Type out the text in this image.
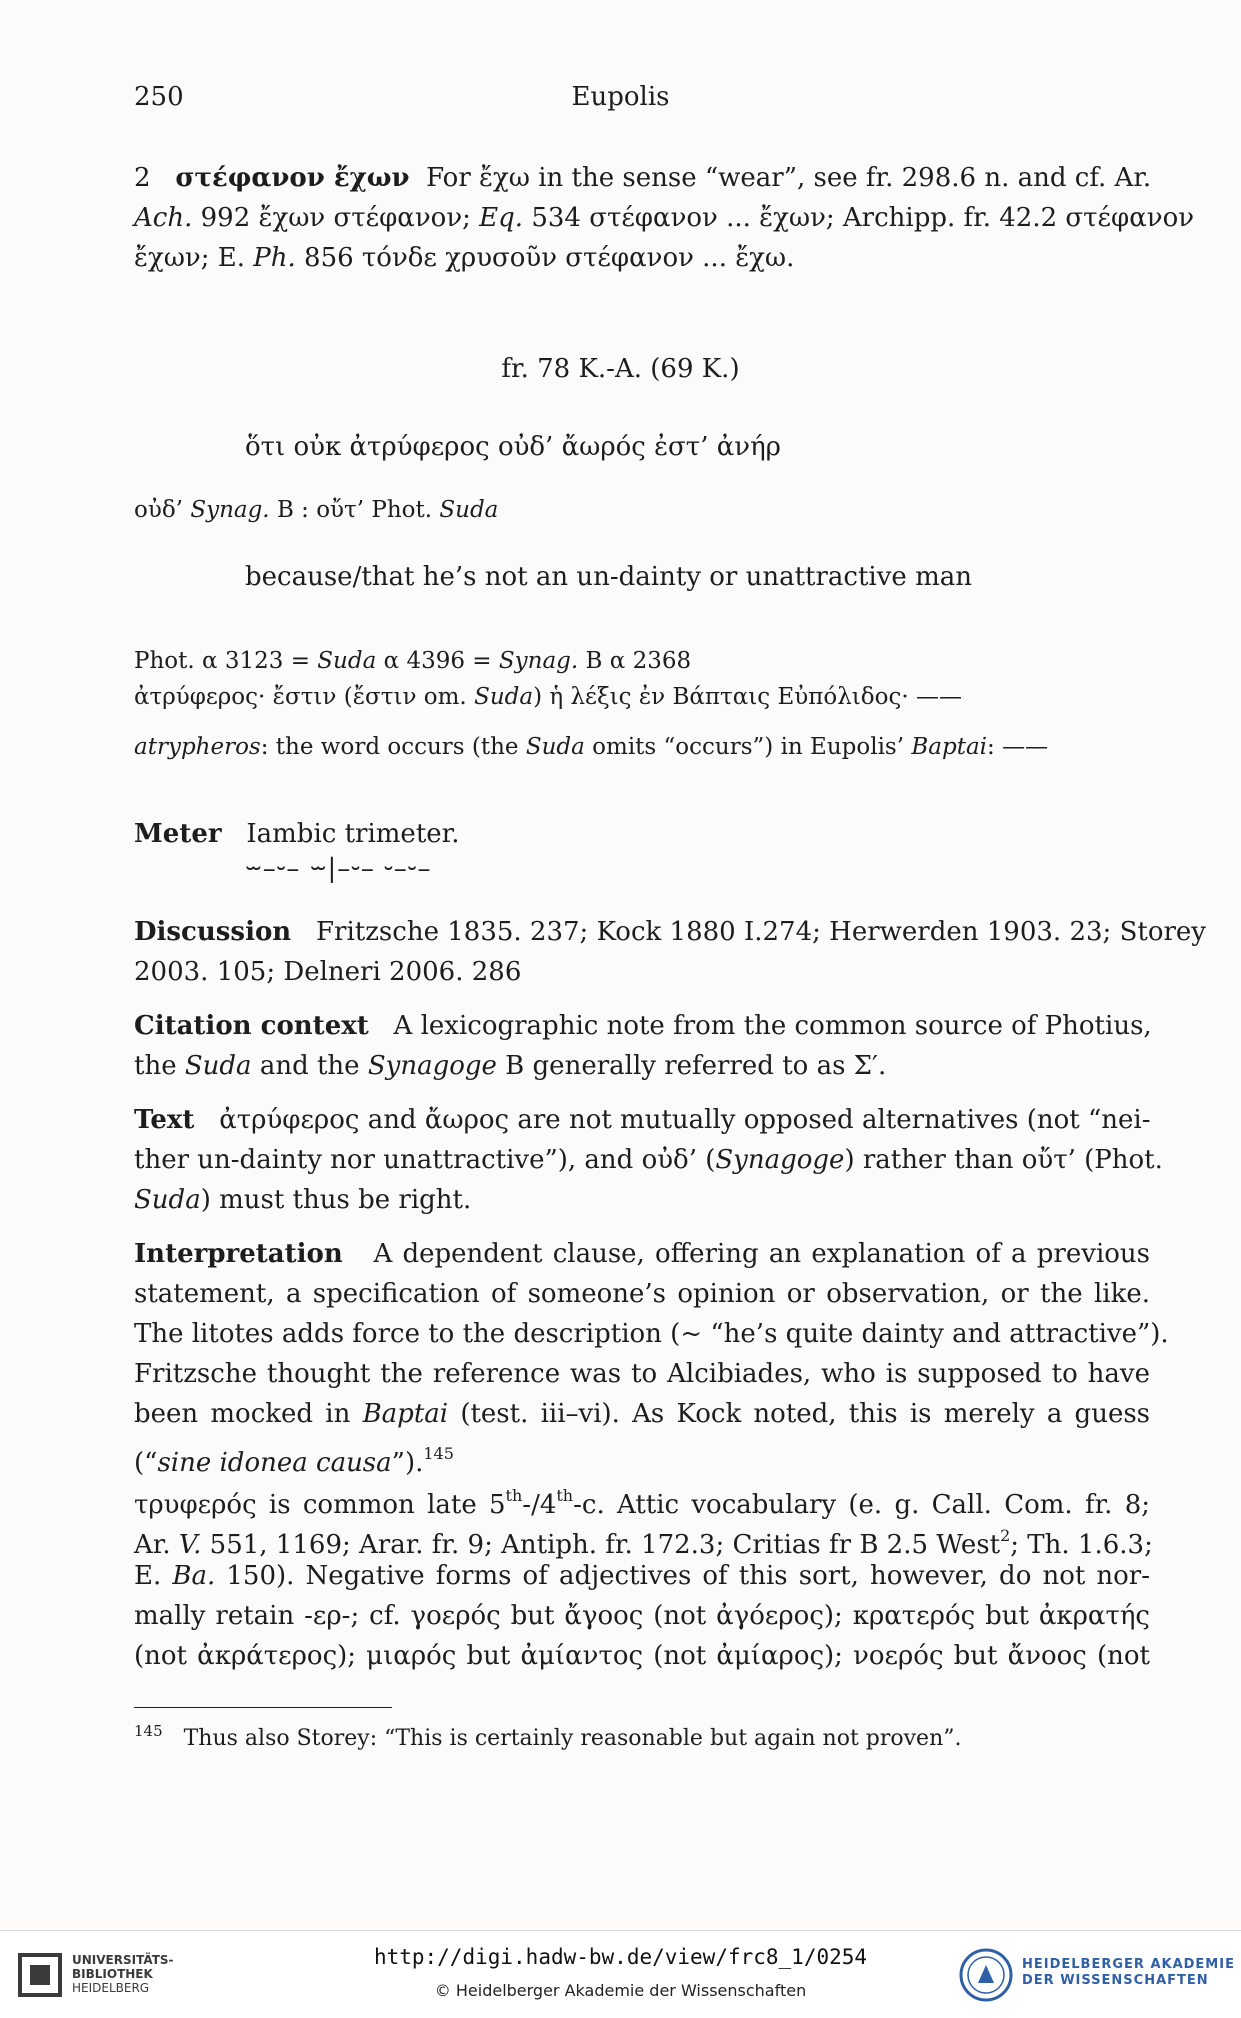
250	Eupolis
2 στέφανον ἔχων For ἔχω in the sense “wear”, see fr. 298.6 n. and cf. Ar.
Ach. 992 ἔχων στέφανον; Eq. 534 στέφανον ... ἔχων; Archipp. fr. 42.2 στέφανον
ἔχων; E. Ph. 856 τόνδε χρυσοῦν στέφανον ... ἔχω.
fr. 78 K.-A. (69 K.)
ὅτι οὐκ ἀτρύφερος οὐδ’ ἄωρός ἐστ’ ἀνήρ
οὐδ’ Synag. B : οὔτ’ Phot. Suda
because/that he’s not an un-dainty or unattractive man
Phot. α 3123 = Suda α 4396 = Synag. B α 2368
ἀτρύφερος· ἔστιν (ἔστιν om. Suda) ἡ λέξις ἐν Βάπταις Εὐπόλιδος· ——
atrypheros: the word occurs (the Suda omits “occurs”) in Eupolis’ Baptai: ——
Meter Iambic trimeter.
⏖–⏑– ⏖|–⏑– ⏑–⏑–
Discussion Fritzsche 1835. 237; Kock 1880 I.274; Herwerden 1903. 23; Storey
2003. 105; Delneri 2006. 286
Citation context A lexicographic note from the common source of Photius,
the Suda and the Synagoge B generally referred to as Σ′.
Text ἀτρύφερος and ἄωρος are not mutually opposed alternatives (not “nei-
ther un-dainty nor unattractive”), and οὐδ’ (Synagoge) rather than οὔτ’ (Phot.
Suda) must thus be right.
Interpretation A dependent clause, offering an explanation of a previous
statement, a specification of someone’s opinion or observation, or the like.
The litotes adds force to the description (~ “he’s quite dainty and attractive”).
Fritzsche thought the reference was to Alcibiades, who is supposed to have
been mocked in Baptai (test. iii–vi). As Kock noted, this is merely a guess
(“sine idonea causa”).$^{145}$
τρυφερός is common late 5th-/4th-c. Attic vocabulary (e. g. Call. Com. fr. 8;
Ar. V. 551, 1169; Arar. fr. 9; Antiph. fr. 172.3; Critias fr B 2.5 West$^2$; Th. 1.6.3;
E. Ba. 150). Negative forms of adjectives of this sort, however, do not nor-
mally retain -ερ-; cf. γοερός but ἄγοος (not ἀγόερος); κρατερός but ἀκρατής
(not ἀκράτερος); μιαρός but ἀμίαντος (not ἀμίαρος); νοερός but ἄνοος (not
$^{145}$ Thus also Storey: “This is certainly reasonable but again not proven”.
UNIVERSITÄTS-
BIBLIOTHEK
HEIDELBERG
http://digi.hadw-bw.de/view/frc8_1/0254
© Heidelberger Akademie der Wissenschaften
HEIDELBERGER AKADEMIE
DER WISSENSCHAFTEN
